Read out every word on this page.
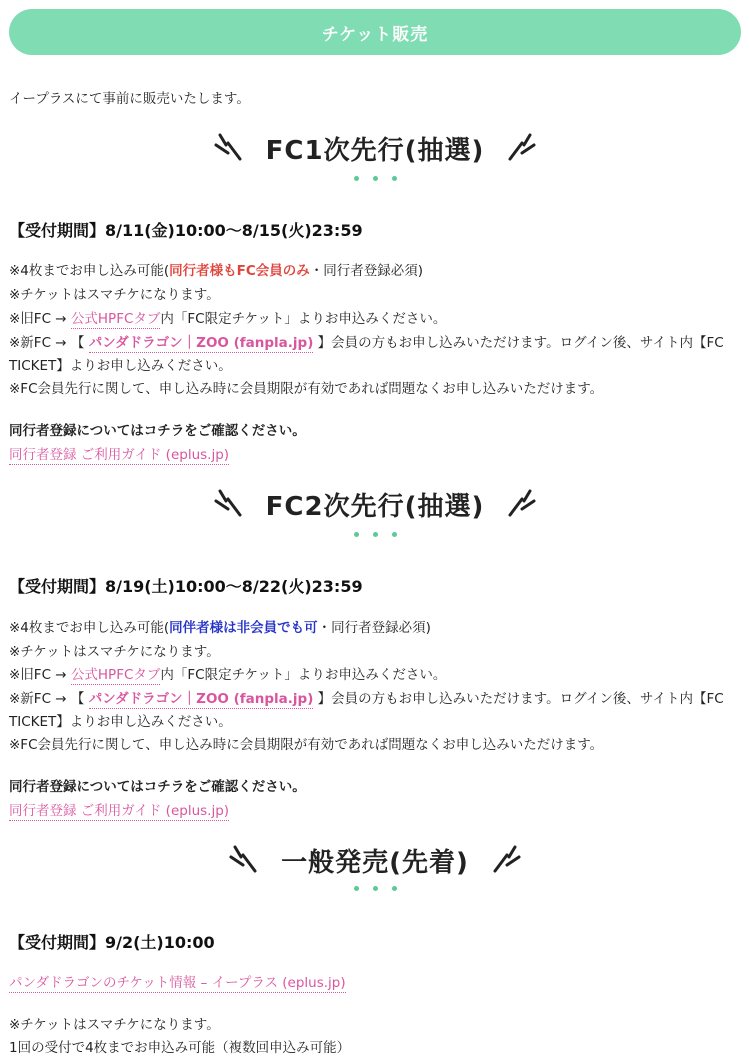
チケット販売
イープラスにて事前に販売いたします。
FC1次先行(抽選)
【受付期間】8/11(金)10:00〜8/15(火)23:59
※4枚までお申し込み可能(同行者様もFC会員のみ・同行者登録必須)
※チケットはスマチケになります。
※旧FC → 公式HPFCタブ内「FC限定チケット」よりお申込みください。
※新FC → 【 パンダドラゴン｜ZOO (fanpla.jp) 】会員の方もお申し込みいただけます。ログイン後、サイト内【FC
TICKET】よりお申し込みください。
※FC会員先行に関して、申し込み時に会員期限が有効であれば問題なくお申し込みいただけます。
同行者登録についてはコチラをご確認ください。
同行者登録 ご利用ガイド (eplus.jp)
FC2次先行(抽選)
【受付期間】8/19(土)10:00〜8/22(火)23:59
※4枚までお申し込み可能(同伴者様は非会員でも可・同行者登録必須)
※チケットはスマチケになります。
※旧FC → 公式HPFCタブ内「FC限定チケット」よりお申込みください。
※新FC → 【 パンダドラゴン｜ZOO (fanpla.jp) 】会員の方もお申し込みいただけます。ログイン後、サイト内【FC
TICKET】よりお申し込みください。
※FC会員先行に関して、申し込み時に会員期限が有効であれば問題なくお申し込みいただけます。
同行者登録についてはコチラをご確認ください。
同行者登録 ご利用ガイド (eplus.jp)
一般発売(先着)
【受付期間】9/2(土)10:00
パンダドラゴンのチケット情報 – イープラス (eplus.jp)
※チケットはスマチケになります。
1回の受付で4枚までお申込み可能（複数回申込み可能）
